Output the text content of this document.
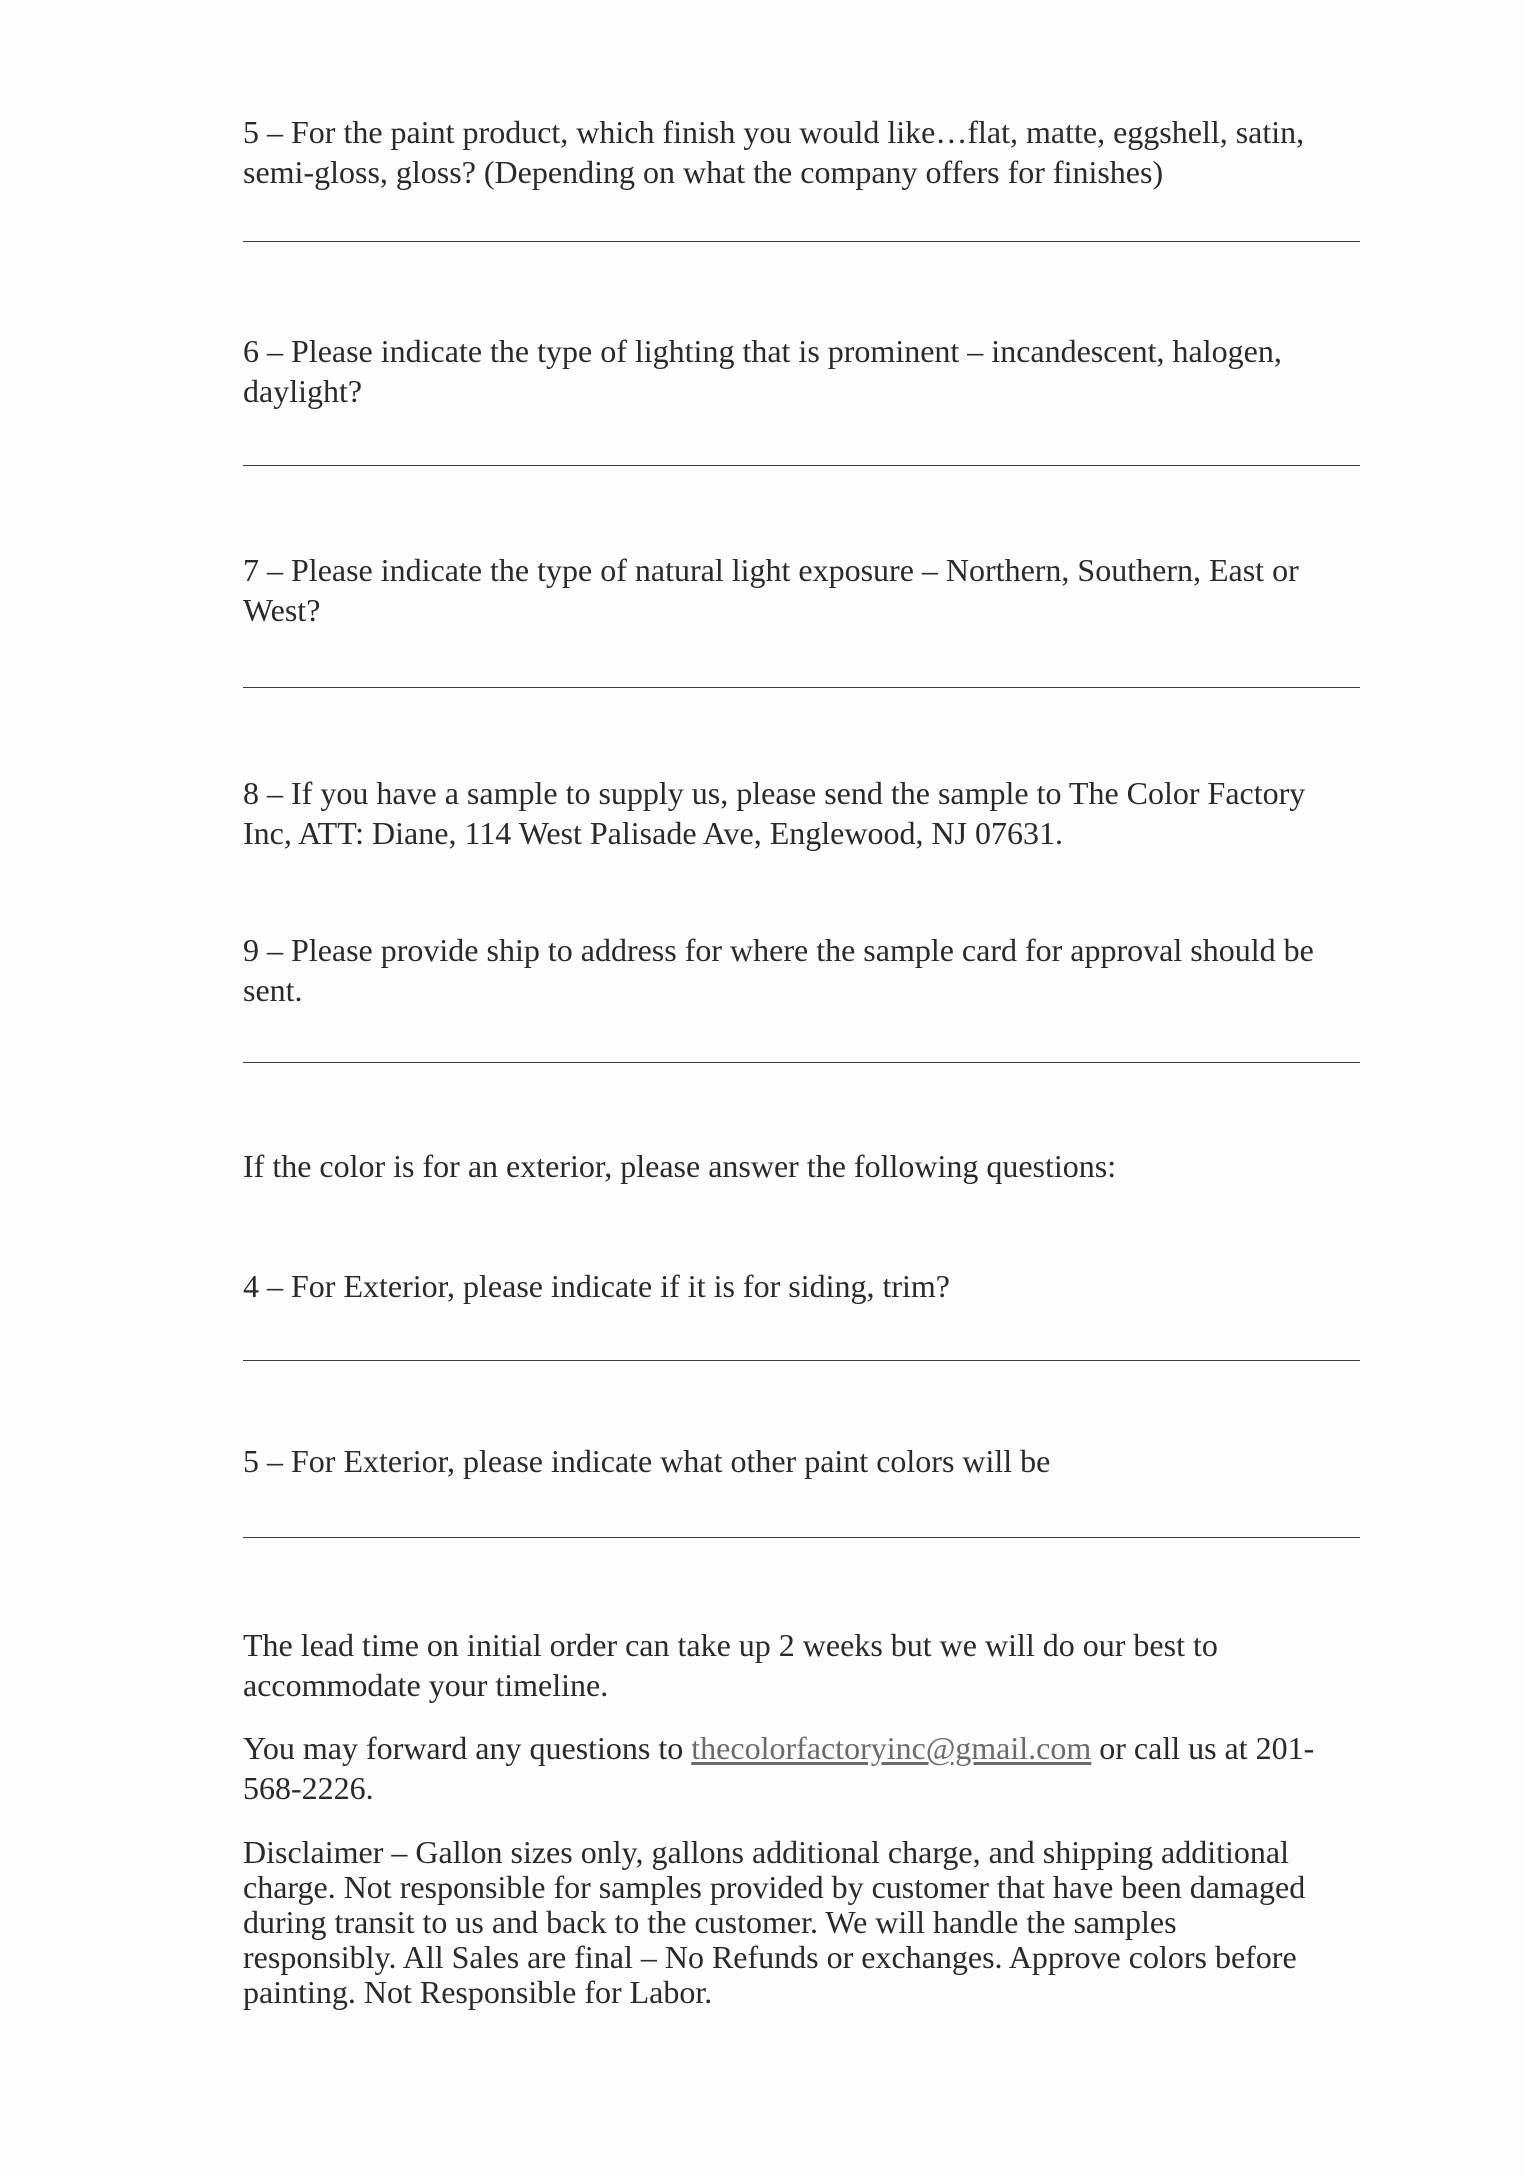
5 – For the paint product, which finish you would like…flat, matte, eggshell, satin,
semi-gloss, gloss? (Depending on what the company offers for finishes)

6 – Please indicate the type of lighting that is prominent – incandescent, halogen,
daylight?

7 – Please indicate the type of natural light exposure – Northern, Southern, East or
West?

8 – If you have a sample to supply us, please send the sample to The Color Factory
Inc, ATT: Diane, 114 West Palisade Ave, Englewood, NJ 07631.

9 – Please provide ship to address for where the sample card for approval should be
sent.

If the color is for an exterior, please answer the following questions:

4 – For Exterior, please indicate if it is for siding, trim?

5 – For Exterior, please indicate what other paint colors will be

The lead time on initial order can take up 2 weeks but we will do our best to
accommodate your timeline.

You may forward any questions to thecolorfactoryinc@gmail.com or call us at 201-
568-2226.

Disclaimer – Gallon sizes only, gallons additional charge, and shipping additional
charge. Not responsible for samples provided by customer that have been damaged
during transit to us and back to the customer. We will handle the samples
responsibly. All Sales are final – No Refunds or exchanges. Approve colors before
painting. Not Responsible for Labor.
